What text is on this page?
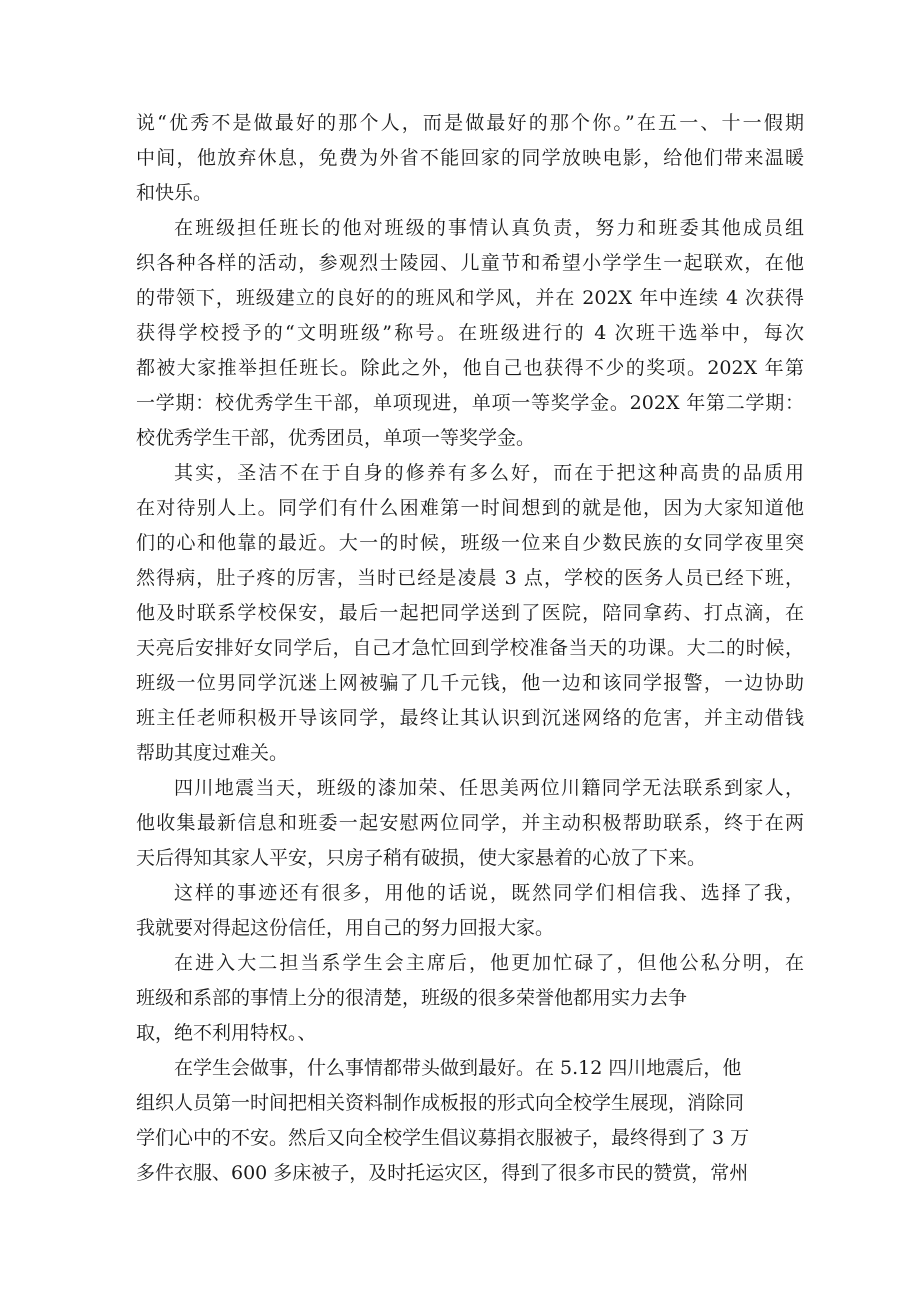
说“优秀不是做最好的那个人，而是做最好的那个你。”在五一、十一假期
中间，他放弃休息，免费为外省不能回家的同学放映电影，给他们带来温暖
和快乐。
在班级担任班长的他对班级的事情认真负责，努力和班委其他成员组
织各种各样的活动，参观烈士陵园、儿童节和希望小学学生一起联欢，在他
的带领下，班级建立的良好的的班风和学风，并在 202X 年中连续 4 次获得
获得学校授予的“文明班级”称号。在班级进行的 4 次班干选举中，每次
都被大家推举担任班长。除此之外，他自己也获得不少的奖项。202X 年第
一学期：校优秀学生干部，单项现进，单项一等奖学金。202X 年第二学期：
校优秀学生干部，优秀团员，单项一等奖学金。
其实，圣洁不在于自身的修养有多么好，而在于把这种高贵的品质用
在对待别人上。同学们有什么困难第一时间想到的就是他，因为大家知道他
们的心和他靠的最近。大一的时候，班级一位来自少数民族的女同学夜里突
然得病，肚子疼的厉害，当时已经是凌晨 3 点，学校的医务人员已经下班，
他及时联系学校保安，最后一起把同学送到了医院，陪同拿药、打点滴，在
天亮后安排好女同学后，自己才急忙回到学校准备当天的功课。大二的时候，
班级一位男同学沉迷上网被骗了几千元钱，他一边和该同学报警，一边协助
班主任老师积极开导该同学，最终让其认识到沉迷网络的危害，并主动借钱
帮助其度过难关。
四川地震当天，班级的漆加荣、任思美两位川籍同学无法联系到家人，
他收集最新信息和班委一起安慰两位同学，并主动积极帮助联系，终于在两
天后得知其家人平安，只房子稍有破损，使大家悬着的心放了下来。
这样的事迹还有很多，用他的话说，既然同学们相信我、选择了我，
我就要对得起这份信任，用自己的努力回报大家。
在进入大二担当系学生会主席后，他更加忙碌了，但他公私分明，在
班级和系部的事情上分的很清楚，班级的很多荣誉他都用实力去争
取，绝不利用特权。、
在学生会做事，什么事情都带头做到最好。在 5.12 四川地震后，他
组织人员第一时间把相关资料制作成板报的形式向全校学生展现，消除同
学们心中的不安。然后又向全校学生倡议募捐衣服被子，最终得到了 3 万
多件衣服、600 多床被子，及时托运灾区，得到了很多市民的赞赏，常州
